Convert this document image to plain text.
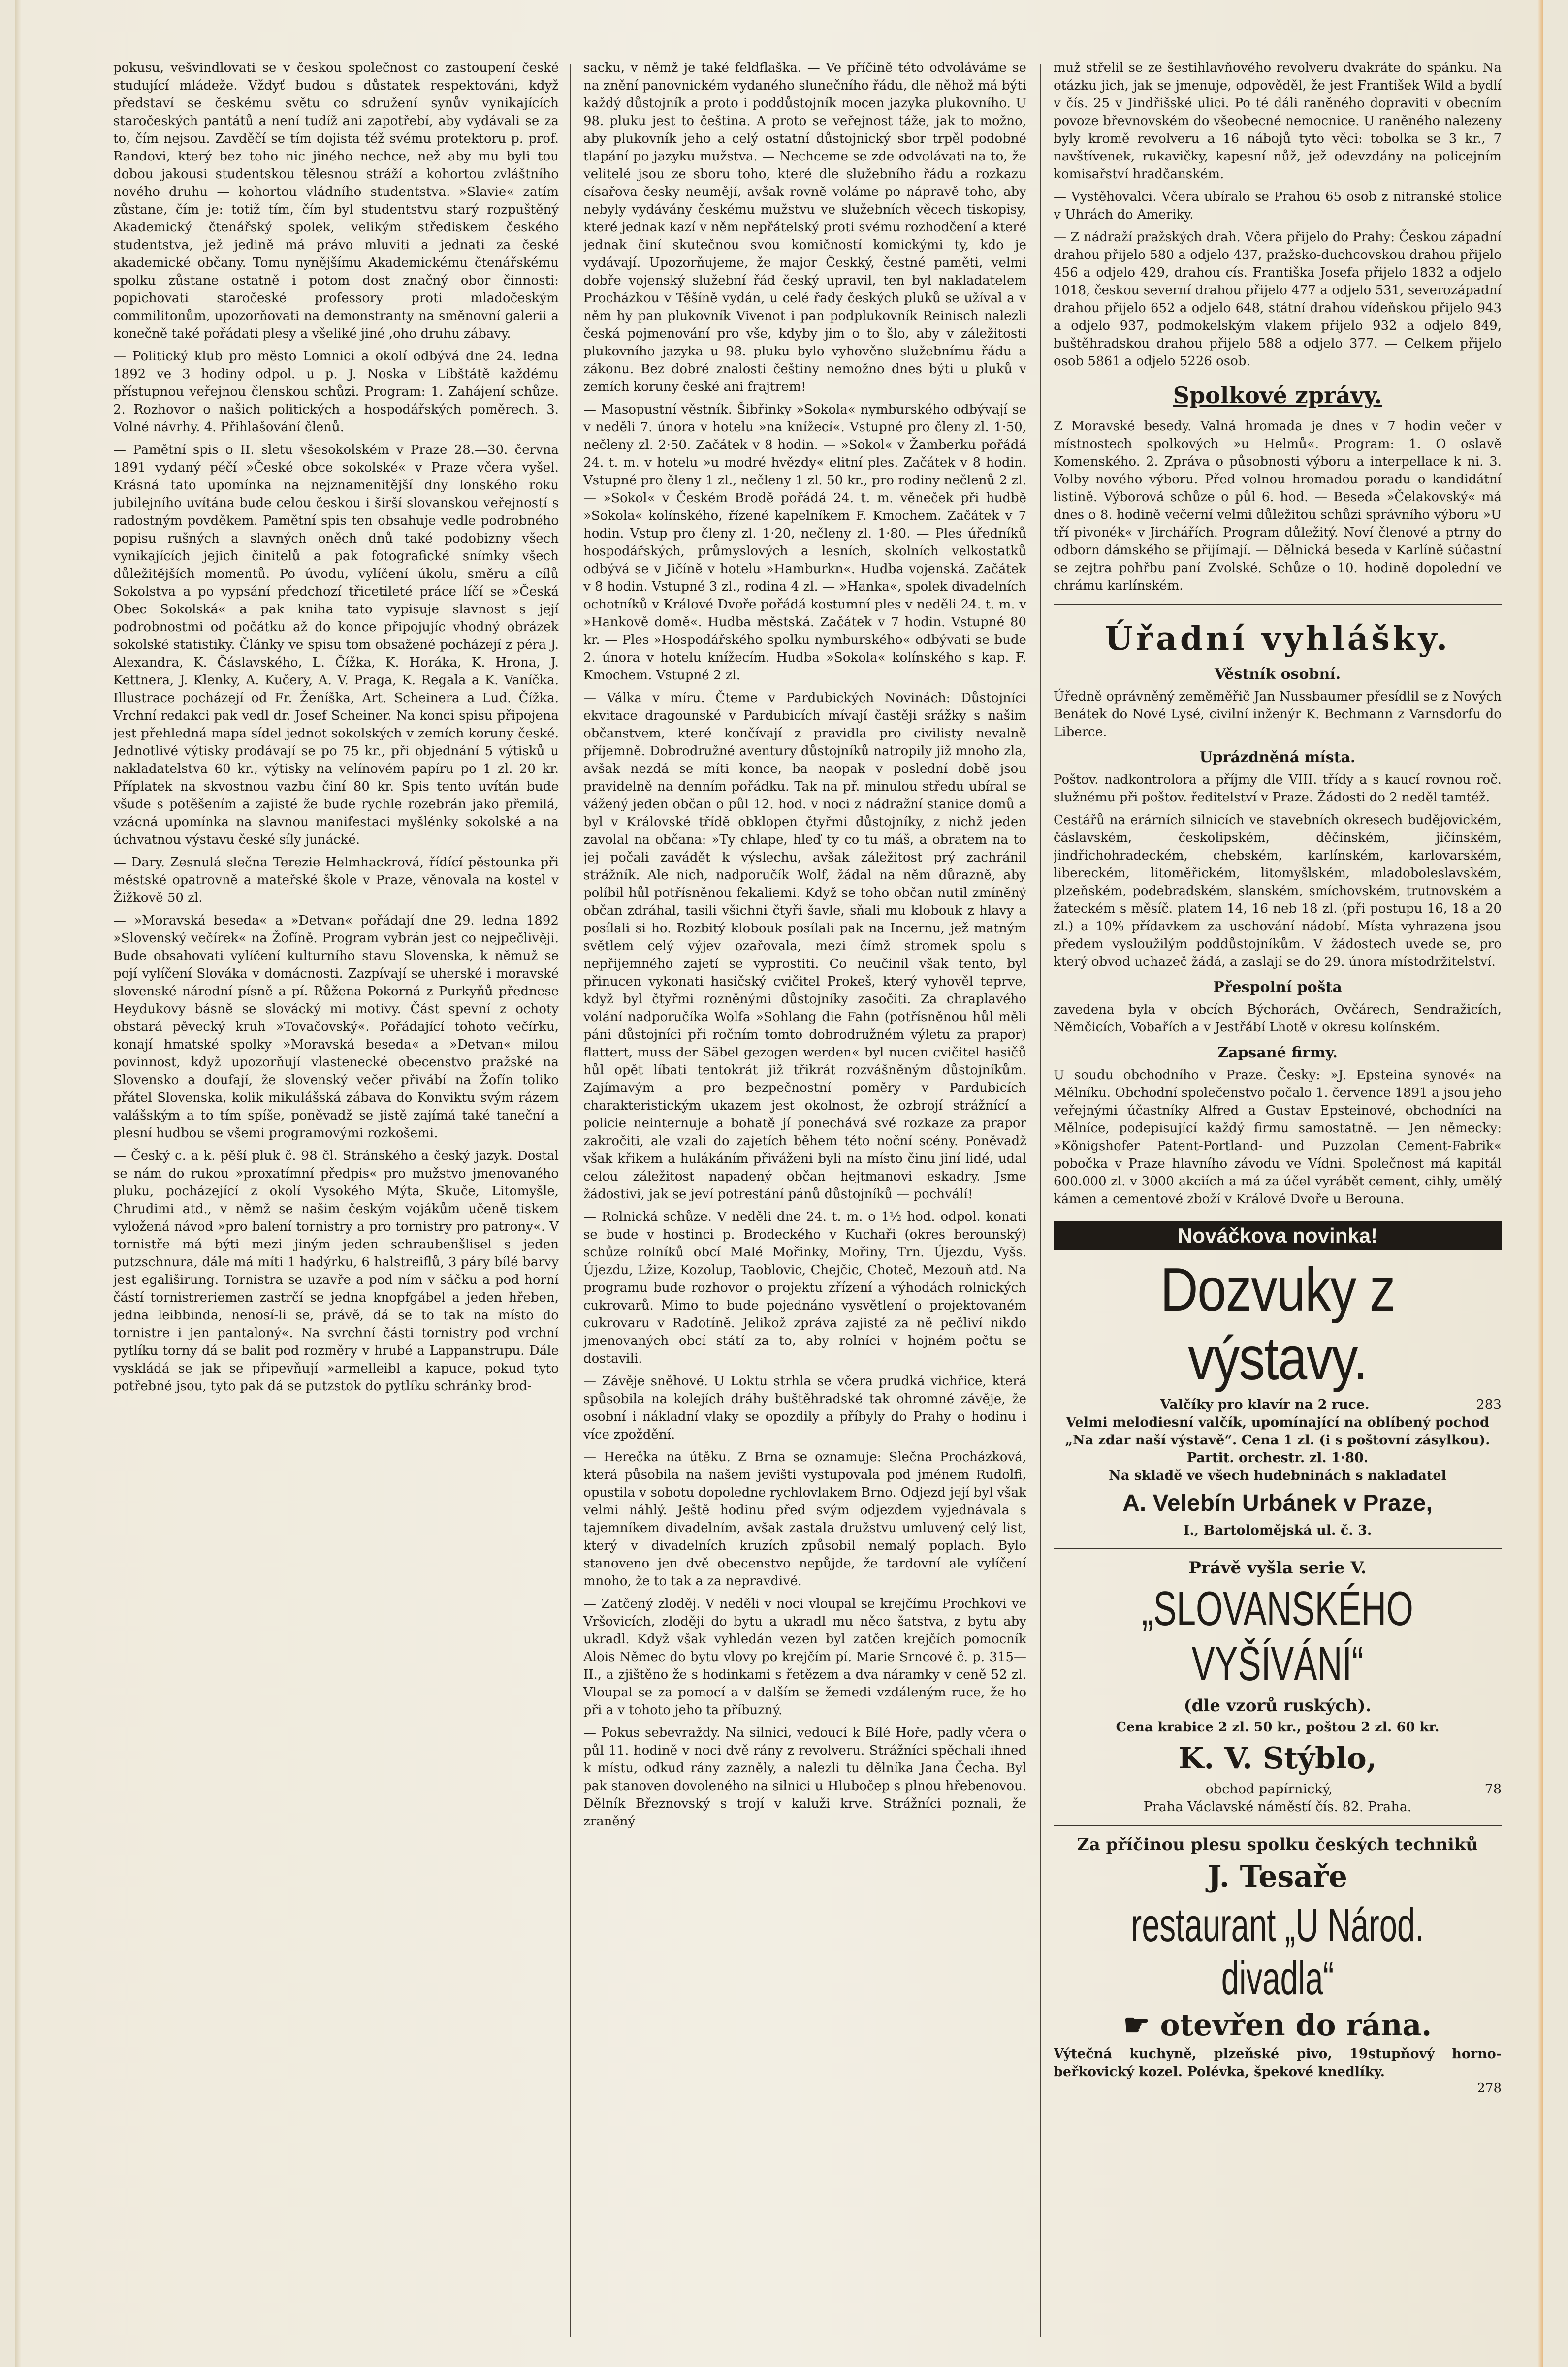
pokusu, vešvindlovati se v českou společnost co zastoupení české studující mládeže. Vždyť budou s důstatek respektováni, když představí se českému světu co sdružení synův vynikajících staročeských pantátů a není tudíž ani zapotřebí, aby vydávali se za to, čím nejsou. Zavděčí se tím dojista též svému protektoru p. prof. Randovi, který bez toho nic jiného nechce, než aby mu byli tou dobou jakousi studentskou tělesnou stráží a kohortou zvláštního nového druhu — kohortou vládního studentstva. »Slavie« zatím zůstane, čím je: totiž tím, čím byl studentstvu starý rozpuštěný Akademický čtenářský spolek, velikým střediskem českého studentstva, jež jedině má právo mluviti a jednati za české akademické občany. Tomu nynějšímu Akademickému čtenářskému spolku zůstane ostatně i potom dost značný obor činnosti: popichovati staročeské professory proti mladočeským commilitonům, upozorňovati na demonstranty na směnovní galerii a konečně také pořádati plesy a všeliké jiné ,oho druhu zábavy.

— Politický klub pro město Lomnici a okolí odbývá dne 24. ledna 1892 ve 3 hodiny odpol. u p. J. Noska v Libštátě každému přístupnou veřejnou členskou schůzi. Program: 1. Zahájení schůze. 2. Rozhovor o našich politických a hospodářských poměrech. 3. Volné návrhy. 4. Přihlašování členů.

— Pamětní spis o II. sletu všesokolském v Praze 28.—30. června 1891 vydaný péčí »České obce sokolské« v Praze včera vyšel. Krásná tato upomínka na nejznamenitější dny lonského roku jubilejního uvítána bude celou českou i širší slovanskou veřejností s radostným povděkem. Pamětní spis ten obsahuje vedle podrobného popisu rušných a slavných oněch dnů také podobizny všech vynikajících jejich činitelů a pak fotografické snímky všech důležitějších momentů. Po úvodu, vylíčení úkolu, směru a cílů Sokolstva a po vypsání předchozí třicetileté práce líčí se »Česká Obec Sokolská« a pak kniha tato vypisuje slavnost s její podrobnostmi od počátku až do konce připojujíc vhodný obrázek sokolské statistiky. Články ve spisu tom obsažené pocházejí z péra J. Alexandra, K. Čáslavského, L. Čížka, K. Horáka, K. Hrona, J. Kettnera, J. Klenky, A. Kučery, A. V. Praga, K. Regala a K. Vaníčka. Illustrace pocházejí od Fr. Ženíška, Art. Scheinera a Lud. Čížka. Vrchní redakci pak vedl dr. Josef Scheiner. Na konci spisu připojena jest přehledná mapa sídel jednot sokolských v zemích koruny české. Jednotlivé výtisky prodávají se po 75 kr., při objednání 5 výtisků u nakladatelstva 60 kr., výtisky na velínovém papíru po 1 zl. 20 kr. Příplatek na skvostnou vazbu činí 80 kr. Spis tento uvítán bude všude s potěšením a zajisté že bude rychle rozebrán jako přemilá, vzácná upomínka na slavnou manifestaci myšlénky sokolské a na úchvatnou výstavu české síly junácké.

— Dary. Zesnulá slečna Terezie Helmhackrová, řídící pěstounka při městské opatrovně a mateřské škole v Praze, věnovala na kostel v Žižkově 50 zl.

— »Moravská beseda« a »Detvan« pořádají dne 29. ledna 1892 »Slovenský večírek« na Žofíně. Program vybrán jest co nejpečlivěji. Bude obsahovati vylíčení kulturního stavu Slovenska, k němuž se pojí vylíčení Slováka v domácnosti. Zazpívají se uherské i moravské slovenské národní písně a pí. Růžena Pokorná z Purkyňů přednese Heydukovy básně se slovácký mi motivy. Část spevní z ochoty obstará pěvecký kruh »Tovačovský«. Pořádající tohoto večírku, konají hmatské spolky »Moravská beseda« a »Detvan« milou povinnost, když upozorňují vlastenecké obecenstvo pražské na Slovensko a doufají, že slovenský večer přivábí na Žofín toliko přátel Slovenska, kolik mikulášská zábava do Konviktu svým rázem valášským a to tím spíše, poněvadž se jistě zajímá také taneční a plesní hudbou se všemi programovými rozkošemi.

— Český c. a k. pěší pluk č. 98 čl. Stránského a český jazyk. Dostal se nám do rukou »proxatímní předpis« pro mužstvo jmenovaného pluku, pocházející z okolí Vysokého Mýta, Skuče, Litomyšle, Chrudimi atd., v němž se našim českým vojákům učeně tiskem vyložená návod »pro balení tornistry a pro tornistry pro patrony«. V tornistře má býti mezi jiným jeden schraubenšlisel s jeden putzschnura, dále má míti 1 hadýrku, 6 halstreiflů, 3 páry bílé barvy jest egališirung. Tornistra se uzavře a pod ním v sáčku a pod horní částí tornistreriemen zastrčí se jedna knopfgábel a jeden hřeben, jedna leibbinda, nenosí-li se, právě, dá se to tak na místo do tornistre i jen pantaloný«. Na svrchní části tornistry pod vrchní pytlíku torny dá se balit pod rozměry v hrubé a Lappanstrupu. Dále vyskládá se jak se připevňují »armelleibl a kapuce, pokud tyto potřebné jsou, tyto pak dá se putzstok do pytlíku schránky brod-

sacku, v němž je také feldflaška. — Ve příčině této odvoláváme se na znění panovnickém vydaného slunečního řádu, dle něhož má býti každý důstojník a proto i poddůstojník mocen jazyka plukovního. U 98. pluku jest to čeština. A proto se veřejnost táže, jak to možno, aby plukovník jeho a celý ostatní důstojnický sbor trpěl podobné tlapání po jazyku mužstva. — Nechceme se zde odvolávati na to, že velitelé jsou ze sboru toho, které dle služebního řádu a rozkazu císařova česky neumějí, avšak rovně voláme po nápravě toho, aby nebyly vydávány českému mužstvu ve služebních věcech tiskopisy, které jednak kazí v něm nepřátelský proti svému rozhodčení a které jednak činí skutečnou svou komičností komickými ty, kdo je vydávají. Upozorňujeme, že major Českký, čestné paměti, velmi dobře vojenský služební řád český upravil, ten byl nakladatelem Procházkou v Těšíně vydán, u celé řady českých pluků se užíval a v něm hy pan plukovník Vivenot i pan podplukovník Reinisch nalezli česká pojmenování pro vše, kdyby jim o to šlo, aby v záležitosti plukovního jazyka u 98. pluku bylo vyhověno služebnímu řádu a zákonu. Bez dobré znalosti češtiny nemožno dnes býti u pluků v zemích koruny české ani frajtrem!

— Masopustní věstník. Šibřinky »Sokola« nymburského odbývají se v neděli 7. února v hotelu »na knížecí«. Vstupné pro členy zl. 1·50, nečleny zl. 2·50. Začátek v 8 hodin. — »Sokol« v Žamberku pořádá 24. t. m. v hotelu »u modré hvězdy« elitní ples. Začátek v 8 hodin. Vstupné pro členy 1 zl., nečleny 1 zl. 50 kr., pro rodiny nečlenů 2 zl. — »Sokol« v Českém Brodě pořádá 24. t. m. věneček při hudbě »Sokola« kolínského, řízené kapelníkem F. Kmochem. Začátek v 7 hodin. Vstup pro členy zl. 1·20, nečleny zl. 1·80. — Ples úředníků hospodářských, průmyslových a lesních, skolních velkostatků odbývá se v Jičíně v hotelu »Hamburkn«. Hudba vojenská. Začátek v 8 hodin. Vstupné 3 zl., rodina 4 zl. — »Hanka«, spolek divadelních ochotníků v Králové Dvoře pořádá kostumní ples v neděli 24. t. m. v »Hankově domě«. Hudba městská. Začátek v 7 hodin. Vstupné 80 kr. — Ples »Hospodářského spolku nymburského« odbývati se bude 2. února v hotelu knížecím. Hudba »Sokola« kolínského s kap. F. Kmochem. Vstupné 2 zl.

— Válka v míru. Čteme v Pardubických Novinách: Důstojníci ekvitace dragounské v Pardubicích mívají častěji srážky s našim občanstvem, které končívají z pravidla pro civilisty nevalně příjemně. Dobrodružné aventury důstojníků natropily již mnoho zla, avšak nezdá se míti konce, ba naopak v poslední době jsou pravidelně na denním pořádku. Tak na př. minulou středu ubíral se vážený jeden občan o půl 12. hod. v noci z nádražní stanice domů a byl v Královské třídě obklopen čtyřmi důstojníky, z nichž jeden zavolal na občana: »Ty chlape, hleď ty co tu máš, a obratem na to jej počali zavádět k výslechu, avšak záležitost prý zachránil strážník. Ale nich, nadporučík Wolf, žádal na něm důrazně, aby políbil hůl potřísněnou fekaliemi. Když se toho občan nutil zmíněný občan zdráhal, tasili všichni čtyři šavle, sňali mu klobouk z hlavy a posílali si ho. Rozbitý klobouk posílali pak na Incernu, jež matným světlem celý výjev ozařovala, mezi čímž stromek spolu s nepřijemného zajetí se vyprostiti. Co neučinil však tento, byl přinucen vykonati hasičský cvičitel Prokeš, který vyhověl teprve, když byl čtyřmi rozněnými důstojníky zasočiti. Za chraplavého volání nadporučíka Wolfa »Sohlang die Fahn (potřísněnou hůl měli páni důstojníci při ročním tomto dobrodružném výletu za prapor) flattert, muss der Säbel gezogen werden« byl nucen cvičitel hasičů hůl opět líbati tentokrát již třikrát rozvášněným důstojníkům. Zajímavým a pro bezpečnostní poměry v Pardubicích charakteristickým ukazem jest okolnost, že ozbrojí strážnící a policie neinternuje a bohatě jí ponechává své rozkaze za prapor zakročiti, ale vzali do zajetích během této noční scény. Poněvadž však křikem a hulákáním přiváženi byli na místo činu jiní lidé, udal celou záležitost napadený občan hejtmanovi eskadry. Jsme žádostivi, jak se jeví potrestání pánů důstojníků — pochválí!

— Rolnická schůze. V neděli dne 24. t. m. o 1½ hod. odpol. konati se bude v hostinci p. Brodeckého v Kuchaři (okres berounský) schůze rolníků obcí Malé Mořinky, Mořiny, Trn. Újezdu, Vyšs. Újezdu, Lžize, Kozolup, Taoblovic, Chejčic, Choteč, Mezouň atd. Na programu bude rozhovor o projektu zřízení a výhodách rolnických cukrovarů. Mimo to bude pojednáno vysvětlení o projektovaném cukrovaru v Radotíně. Jelikož zpráva zajisté za ně pečliví nikdo jmenovaných obcí státí za to, aby rolníci v hojném počtu se dostavili.

— Závěje sněhové. U Loktu strhla se včera prudká vichřice, která spůsobila na kolejích dráhy buštěhradské tak ohromné závěje, že osobní i nákladní vlaky se opozdily a příbyly do Prahy o hodinu i více zpoždění.

— Herečka na útěku. Z Brna se oznamuje: Slečna Procházková, která působila na našem jevišti vystupovala pod jménem Rudolfi, opustila v sobotu dopoledne rychlovlakem Brno. Odjezd její byl však velmi náhlý. Ještě hodinu před svým odjezdem vyjednávala s tajemníkem divadelním, avšak zastala družstvu umluvený celý list, který v divadelních kruzích způsobil nemalý poplach. Bylo stanoveno jen dvě obecenstvo nepůjde, že tardovní ale vylíčení mnoho, že to tak a za nepravdivé.

— Zatčený zloděj. V neděli v noci vloupal se krejčímu Prochkovi ve Vršovicích, zloději do bytu a ukradl mu něco šatstva, z bytu aby ukradl. Když však vyhledán vezen byl zatčen krejčích pomocník Alois Němec do bytu vlovy po krejčím pí. Marie Srncové č. p. 315—II., a zjištěno že s hodinkami s řetězem a dva náramky v ceně 52 zl. Vloupal se za pomocí a v dalším se žemedi vzdáleným ruce, že ho při a v tohoto jeho ta příbuzný.

— Pokus sebevraždy. Na silnici, vedoucí k Bílé Hoře, padly včera o půl 11. hodině v noci dvě rány z revolveru. Strážníci spěchali ihned k místu, odkud rány zazněly, a nalezli tu dělníka Jana Čecha. Byl pak stanoven dovoleného na silnici u Hlubočep s plnou hřebenovou. Dělník Březnovský s trojí v kaluži krve. Strážníci poznali, že zraněný

muž střelil se ze šestihlavňového revolveru dvakráte do spánku. Na otázku jich, jak se jmenuje, odpověděl, že jest František Wild a bydlí v čís. 25 v Jindřišské ulici. Po té dáli raněného dopraviti v obecním povoze břevnovském do všeobecné nemocnice. U raněného nalezeny byly kromě revolveru a 16 nábojů tyto věci: tobolka se 3 kr., 7 navštívenek, rukavičky, kapesní nůž, jež odevzdány na policejním komisařství hradčanském.

— Vystěhovalci. Včera ubíralo se Prahou 65 osob z nitranské stolice v Uhrách do Ameriky.

— Z nádraží pražských drah. Včera přijelo do Prahy: Českou západní drahou přijelo 580 a odjelo 437, pražsko-duchcovskou drahou přijelo 456 a odjelo 429, drahou cís. Františka Josefa přijelo 1832 a odjelo 1018, českou severní drahou přijelo 477 a odjelo 531, severozápadní drahou přijelo 652 a odjelo 648, státní drahou vídeňskou přijelo 943 a odjelo 937, podmokelským vlakem přijelo 932 a odjelo 849, buštěhradskou drahou přijelo 588 a odjelo 377. — Celkem přijelo osob 5861 a odjelo 5226 osob.

Spolkové zprávy.

Z Moravské besedy. Valná hromada je dnes v 7 hodin večer v místnostech spolkových »u Helmů«. Program: 1. O oslavě Komenského. 2. Zpráva o působnosti výboru a interpellace k ni. 3. Volby nového výboru. Před volnou hromadou poradu o kandidátní listině. Výborová schůze o půl 6. hod. — Beseda »Čelakovský« má dnes o 8. hodině večerní velmi důležitou schůzi správního výboru »U tří pivonék« v Jirchářích. Program důležitý. Noví členové a ptrny do odborn dámského se přijímají. — Dělnická beseda v Karlíně súčastní se zejtra pohřbu paní Zvolské. Schůze o 10. hodině dopolední ve chrámu karlínském.

Úřadní vyhlášky.
Věstník osobní.

Úředně oprávněný zeměměřič Jan Nussbaumer přesídlil se z Nových Benátek do Nové Lysé, civilní inženýr K. Bechmann z Varnsdorfu do Liberce.

Uprázdněná místa.

Poštov. nadkontrolora a příjmy dle VIII. třídy a s kaucí rovnou roč. služnému při poštov. ředitelství v Praze. Žádosti do 2 neděl tamtéž.

Cestářů na erárních silnicích ve stavebních okresech budějovickém, čáslavském, českolipském, děčínském, jičínském, jindřichohradeckém, chebském, karlínském, karlovarském, libereckém, litoměřickém, litomyšlském, mladoboleslavském, plzeňském, podebradském, slanském, smíchovském, trutnovském a žateckém s měsíč. platem 14, 16 neb 18 zl. (při postupu 16, 18 a 20 zl.) a 10% přídavkem za uschování nádobí. Místa vyhrazena jsou předem vysloužilým poddůstojníkům. V žádostech uvede se, pro který obvod uchazeč žádá, a zaslají se do 29. února místodržitelství.

Přespolní pošta

zavedena byla v obcích Býchorách, Ovčárech, Sendražicích, Němčicích, Vobařích a v Jestřábí Lhotě v okresu kolínském.

Zapsané firmy.

U soudu obchodního v Praze. Česky: »J. Epsteina synové« na Mělníku. Obchodní společenstvo počalo 1. července 1891 a jsou jeho veřejnými účastníky Alfred a Gustav Epsteinové, obchodníci na Mělníce, podepisující každý firmu samostatně. — Jen německy: »Königshofer Patent-Portland- und Puzzolan Cement-Fabrik« pobočka v Praze hlavního závodu ve Vídni. Společnost má kapitál 600.000 zl. v 3000 akciích a má za účel vyrábět cement, cihly, umělý kámen a cementové zboží v Králové Dvoře u Berouna.

Nováčkova novinka!
Dozvuky z výstavy.
Valčíky pro klavír na 2 ruce.	283
Velmi melodiesní valčík, upomínající na oblíbený pochod „Na zdar naší výstavě“. Cena 1 zl. (i s poštovní zásylkou). Partit. orchestr. zl. 1·80.
Na skladě ve všech hudebninách s nakladatel
A. Velebín Urbánek v Praze,
I., Bartolomějská ul. č. 3.
Právě vyšla serie V.
„SLOVANSKÉHO VYŠÍVÁNÍ“
(dle vzorů ruských).
Cena krabice 2 zl. 50 kr., poštou 2 zl. 60 kr.
K. V. Stýblo,
obchod papírnický,	78
Praha Václavské náměstí čís. 82. Praha.
Za příčinou plesu spolku českých techniků
J. Tesaře
restaurant „U Národ. divadla“
☛ otevřen do rána.
Výtečná kuchyně, plzeňské pivo, 19stupňový horno-beřkovický kozel. Polévka, špekové knedlíky.
278
